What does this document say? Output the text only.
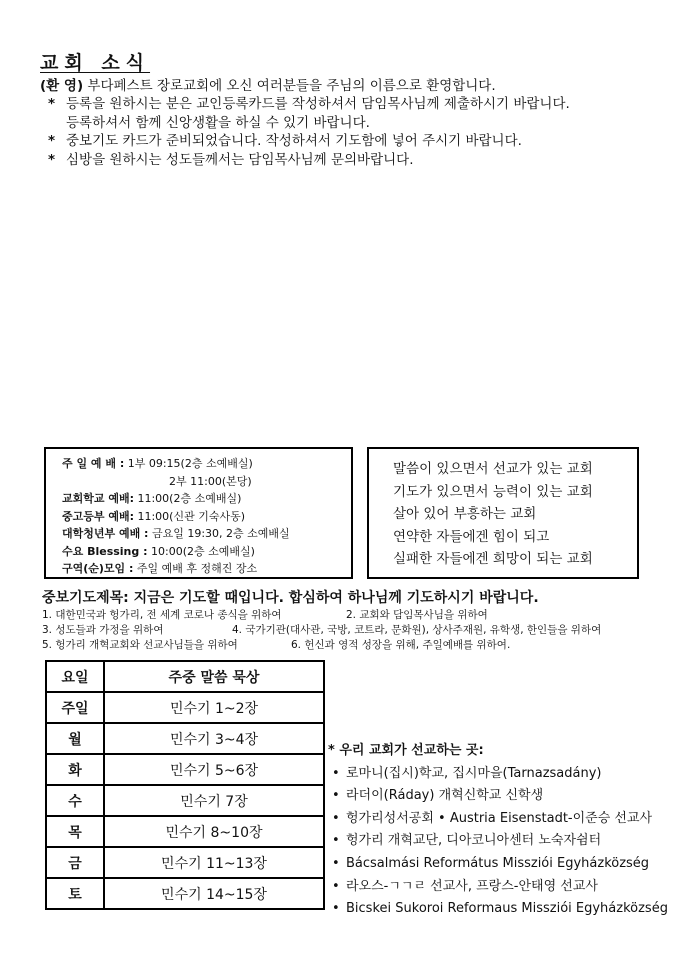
교회 소식
(환 영) 부다페스트 장로교회에 오신 여러분들을 주님의 이름으로 환영합니다.
* 등록을 원하시는 분은 교인등록카드를 작성하셔서 담임목사님께 제출하시기 바랍니다.
등록하셔서 함께 신앙생활을 하실 수 있기 바랍니다.
* 중보기도 카드가 준비되었습니다. 작성하셔서 기도함에 넣어 주시기 바랍니다.
* 심방을 원하시는 성도들께서는 담임목사님께 문의바랍니다.
주 일 예 배 : 1부 09:15(2층 소예배실)
2부 11:00(본당)
교회학교 예배: 11:00(2층 소예배실)
중고등부 예배: 11:00(신관 기숙사동)
대학청년부 예배 : 금요일 19:30, 2층 소예배실
수요 Blessing : 10:00(2층 소예배실)
구역(순)모임 : 주일 예배 후 정해진 장소
말씀이 있으면서 선교가 있는 교회
기도가 있으면서 능력이 있는 교회
살아 있어 부흥하는 교회
연약한 자들에겐 힘이 되고
실패한 자들에겐 희망이 되는 교회
중보기도제목: 지금은 기도할 때입니다. 합심하여 하나님께 기도하시기 바랍니다.
1. 대한민국과 헝가리, 전 세계 코로나 종식을 위하여	2. 교회와 담임목사님을 위하여
3. 성도들과 가정을 위하여	4. 국가기관(대사관, 국방, 코트라, 문화원), 상사주재원, 유학생, 한인들을 위하여
5. 헝가리 개혁교회와 선교사님들을 위하여	6. 헌신과 영적 성장을 위해, 주일예배를 위하여.
요일	주중 말씀 묵상
주일	민수기 1~2장
월	민수기 3~4장
화	민수기 5~6장
수	민수기 7장
목	민수기 8~10장
금	민수기 11~13장
토	민수기 14~15장
* 우리 교회가 선교하는 곳:
• 로마니(집시)학교, 집시마을(Tarnazsadány)
• 라더이(Ráday) 개혁신학교 신학생
• 헝가리성서공회 • Austria Eisenstadt-이준승 선교사
• 헝가리 개혁교단, 디아코니아센터 노숙자쉼터
• Bácsalmási Református Missziói Egyházközség
• 라오스-ㄱㄱㄹ 선교사, 프랑스-안태영 선교사
• Bicskei Sukoroi Reformaus Missziói Egyházközség
